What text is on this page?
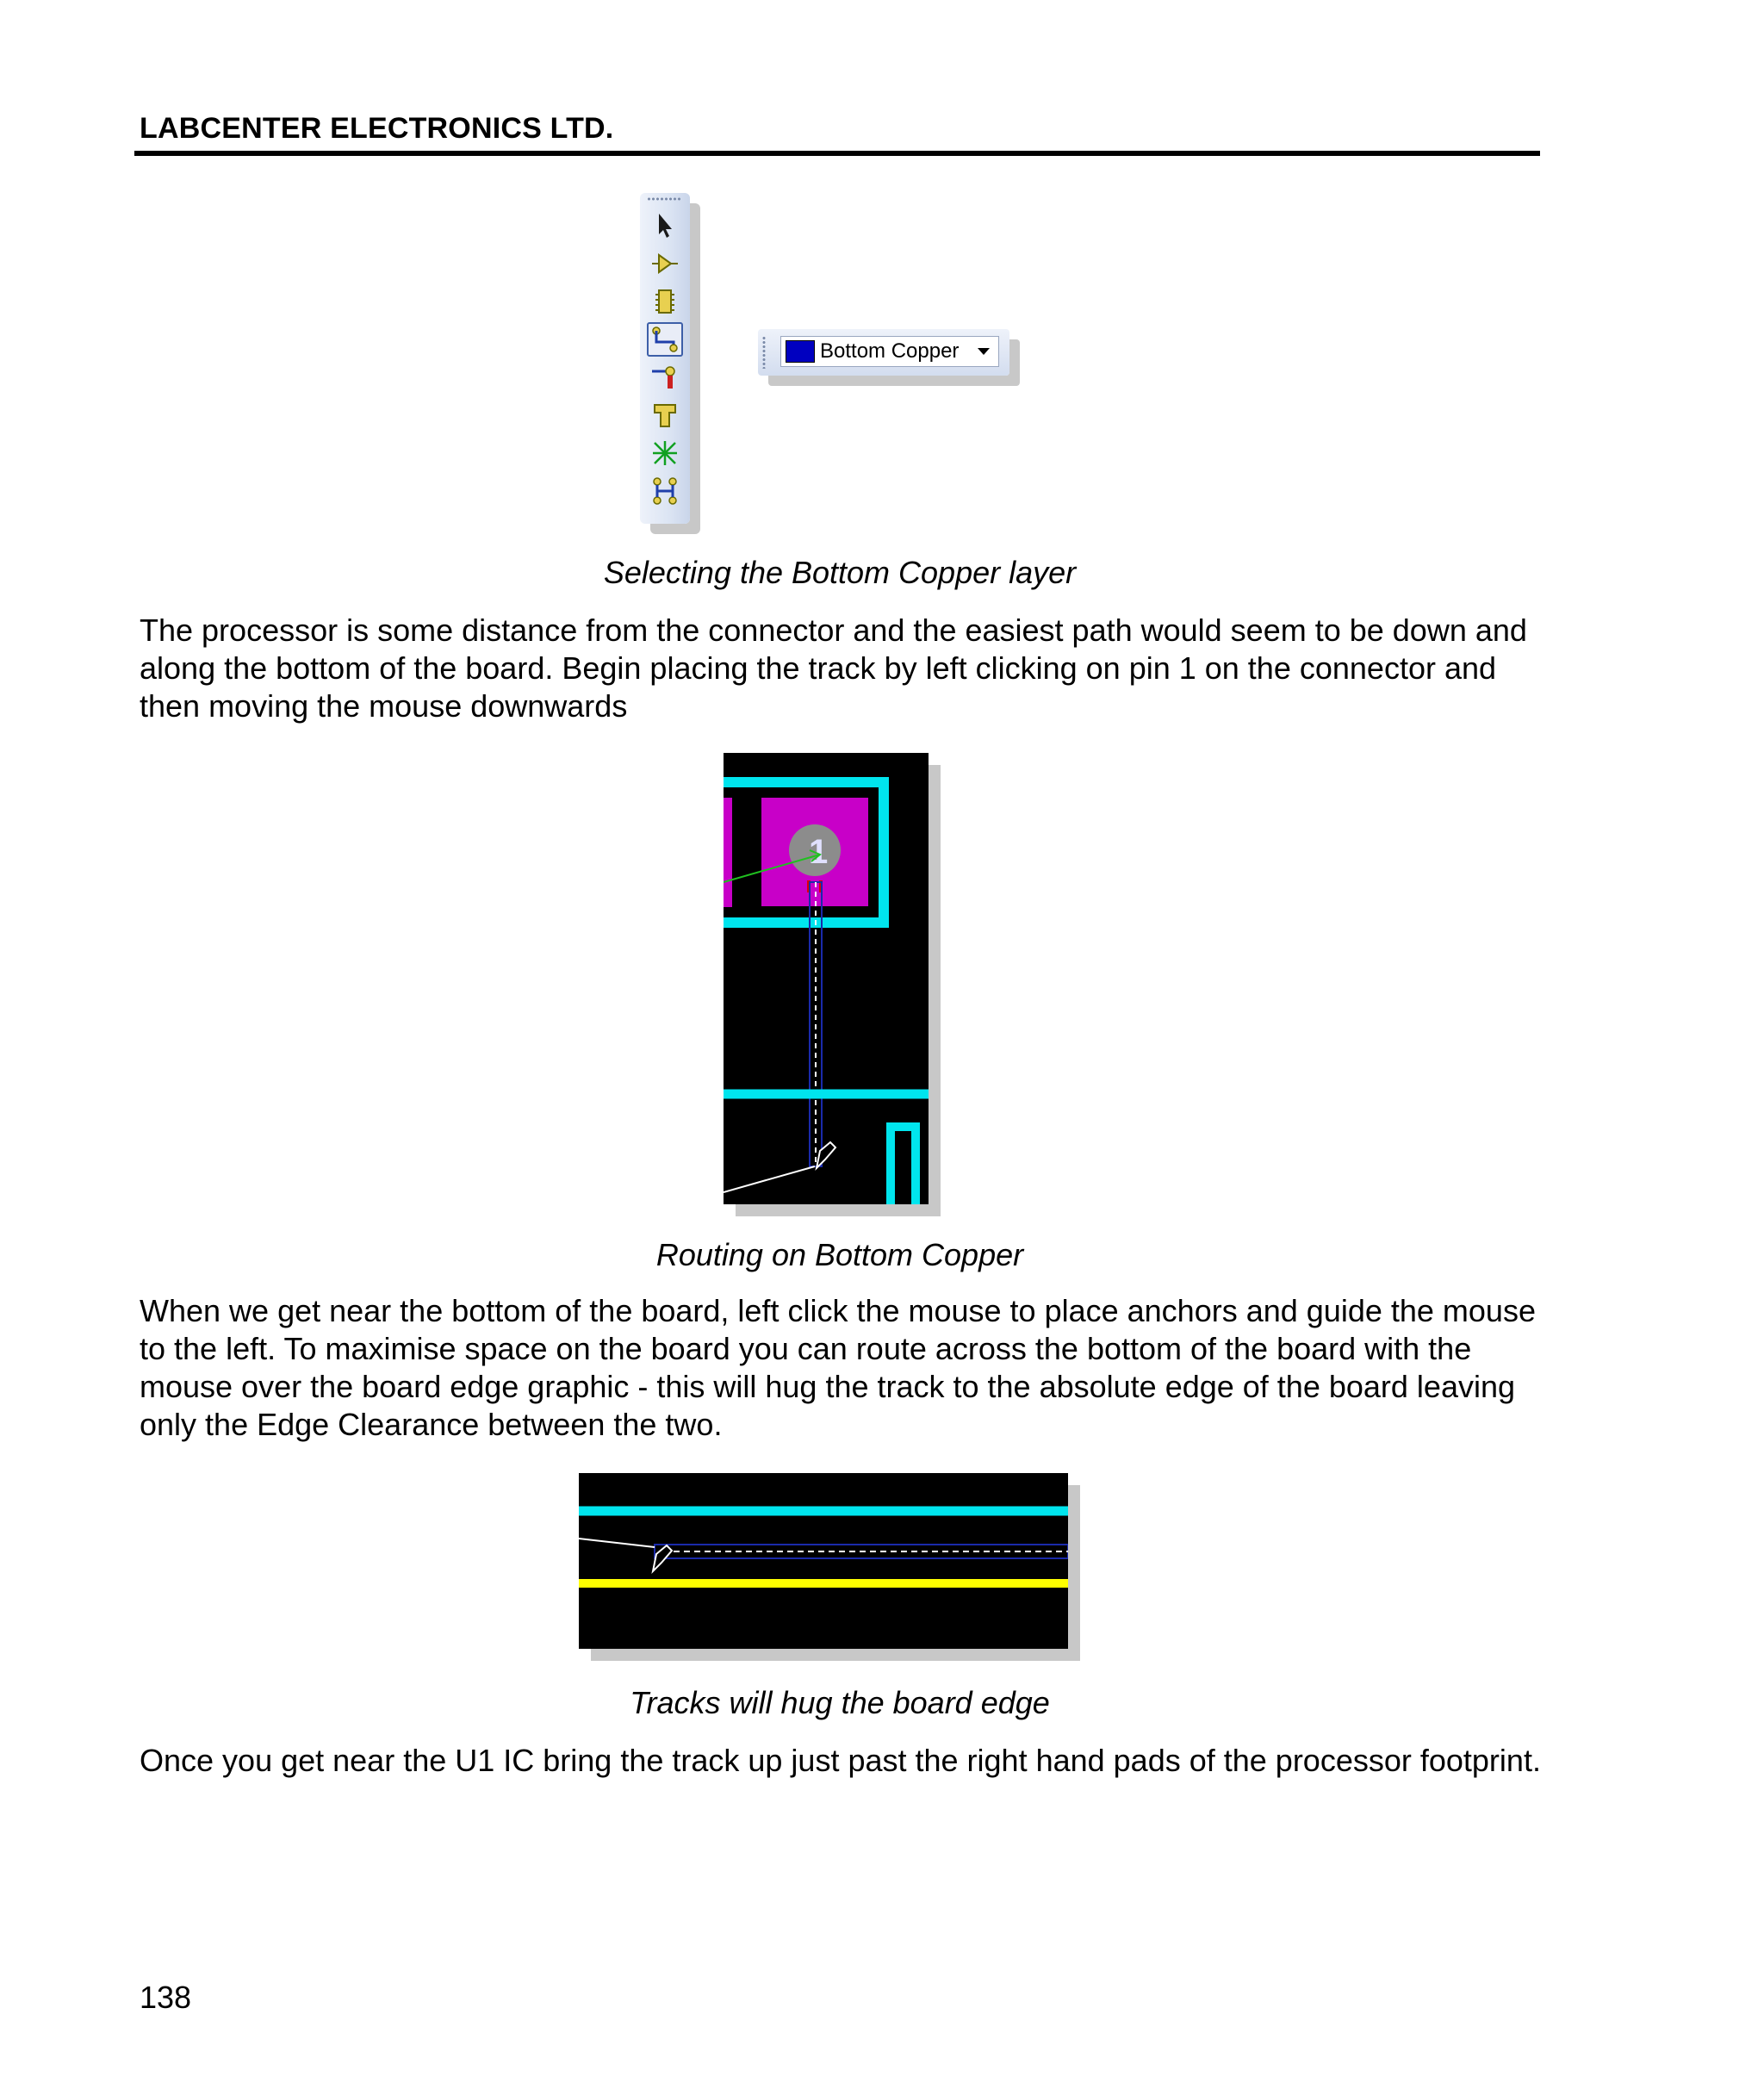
LABCENTER ELECTRONICS LTD.
Bottom Copper
Selecting the Bottom Copper layer

The processor is some distance from the connector and the easiest path would seem to be down and along the bottom of the board. Begin placing the track by left clicking on pin 1 on the connector and then moving the mouse downwards

1
Routing on Bottom Copper

When we get near the bottom of the board, left click the mouse to place anchors and guide the mouse to the left. To maximise space on the board you can route across the bottom of the board with the mouse over the board edge graphic - this will hug the track to the absolute edge of the board leaving only the Edge Clearance between the two.

Tracks will hug the board edge

Once you get near the U1 IC bring the track up just past the right hand pads of the processor footprint.

138
